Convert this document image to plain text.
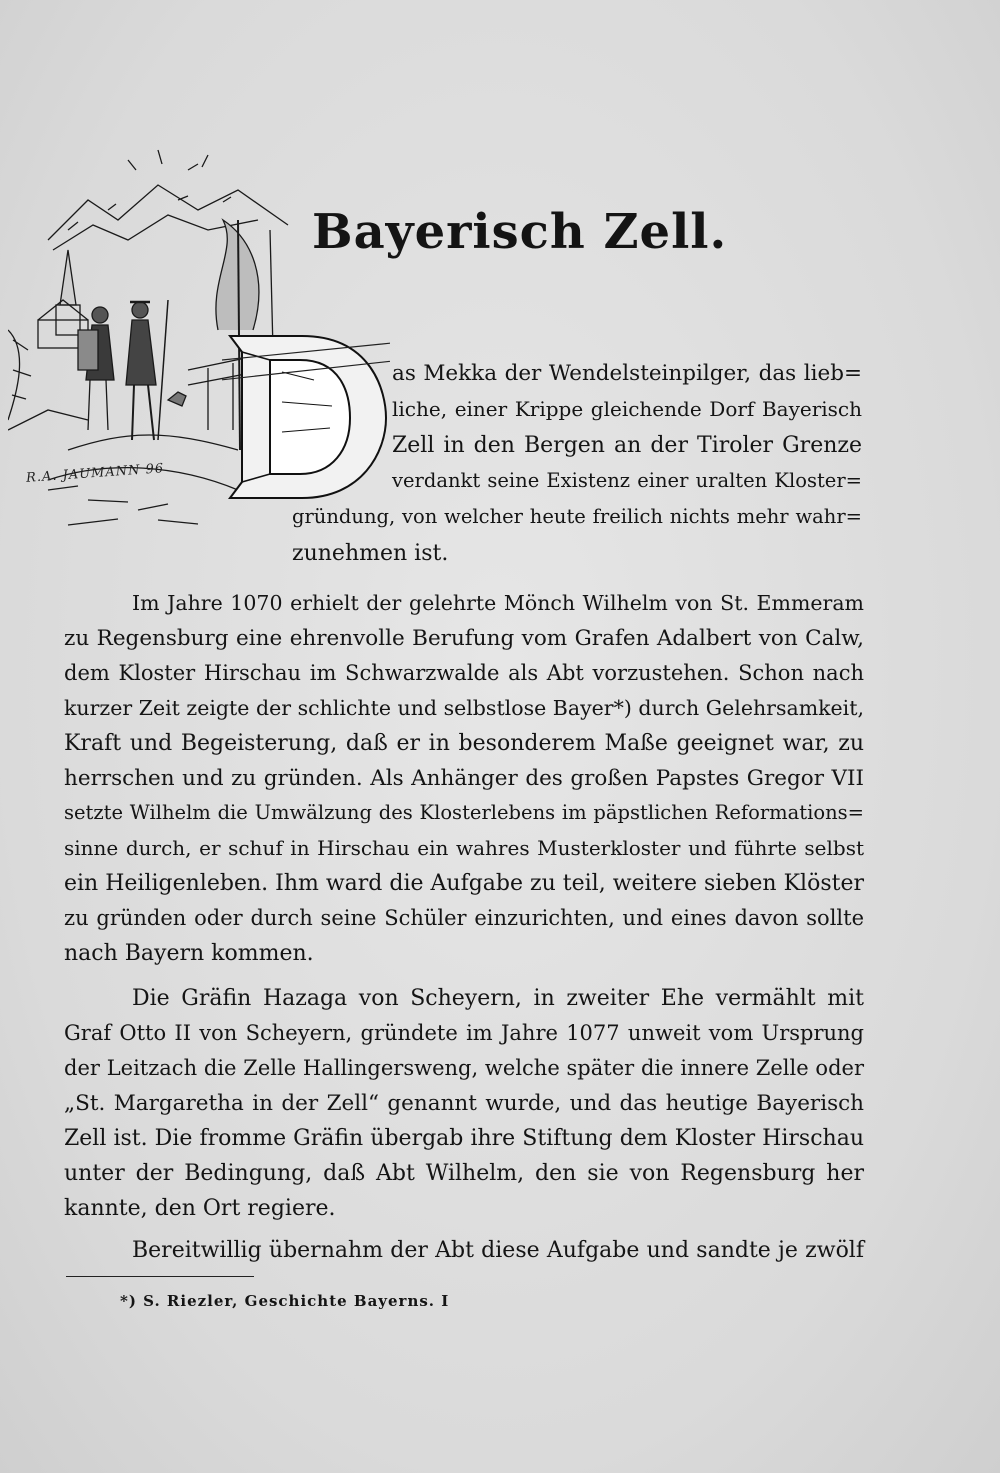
R.A. JAUMANN 96
Bayerisch Zell.
as Mekka der Wendelsteinpilger, das lieb=
liche, einer Krippe gleichende Dorf Bayerisch
Zell in den Bergen an der Tiroler Grenze
verdankt seine Existenz einer uralten Kloster=
gründung, von welcher heute freilich nichts mehr wahr=
zunehmen ist.
Im Jahre 1070 erhielt der gelehrte Mönch Wilhelm von St. Emmeram
zu Regensburg eine ehrenvolle Berufung vom Grafen Adalbert von Calw,
dem Kloster Hirschau im Schwarzwalde als Abt vorzustehen. Schon nach
kurzer Zeit zeigte der schlichte und selbstlose Bayer*) durch Gelehrsamkeit,
Kraft und Begeisterung, daß er in besonderem Maße geeignet war, zu
herrschen und zu gründen. Als Anhänger des großen Papstes Gregor VII
setzte Wilhelm die Umwälzung des Klosterlebens im päpstlichen Reformations=
sinne durch, er schuf in Hirschau ein wahres Musterkloster und führte selbst
ein Heiligenleben. Ihm ward die Aufgabe zu teil, weitere sieben Klöster
zu gründen oder durch seine Schüler einzurichten, und eines davon sollte
nach Bayern kommen.
Die Gräfin Hazaga von Scheyern, in zweiter Ehe vermählt mit
Graf Otto II von Scheyern, gründete im Jahre 1077 unweit vom Ursprung
der Leitzach die Zelle Hallingersweng, welche später die innere Zelle oder
„St. Margaretha in der Zell“ genannt wurde, und das heutige Bayerisch
Zell ist. Die fromme Gräfin übergab ihre Stiftung dem Kloster Hirschau
unter der Bedingung, daß Abt Wilhelm, den sie von Regensburg her
kannte, den Ort regiere.
Bereitwillig übernahm der Abt diese Aufgabe und sandte je zwölf
*) S. Riezler, Geschichte Bayerns. I
